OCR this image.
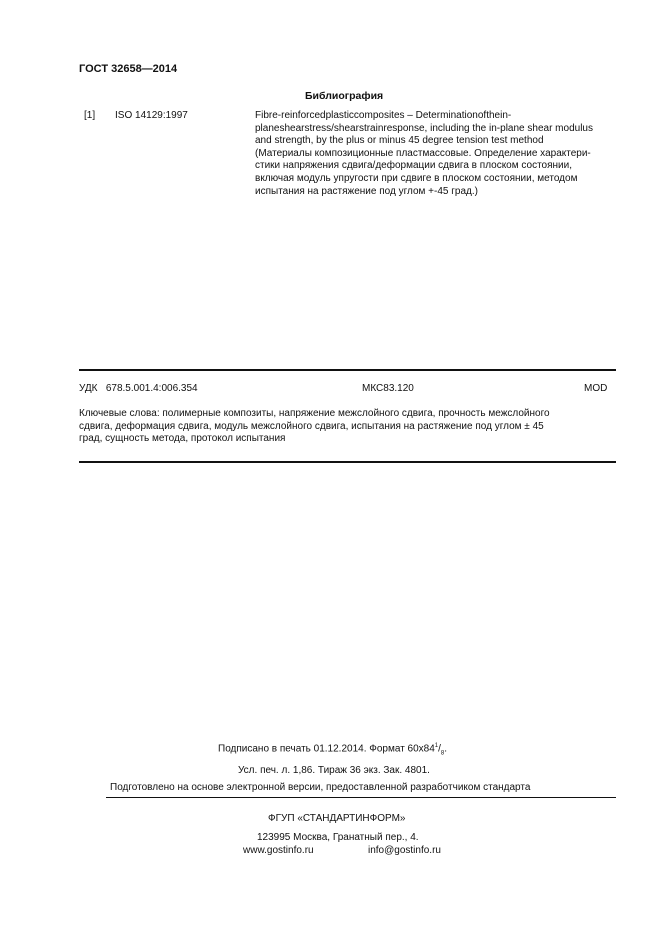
ГОСТ 32658—2014
Библиография
[1] ISO 14129:1997	Fibre-reinforcedplasticcomposites – Determinationofthein-
planeshearstress/shearstrainresponse, including the in-plane shear modulus
and strength, by the plus or minus 45 degree tension test method
(Материалы композиционные пластмассовые. Определение характери-
стики напряжения сдвига/деформации сдвига в плоском состоянии,
включая модуль упругости при сдвиге в плоском состоянии, методом
испытания на растяжение под углом +-45 град.)
УДК   678.5.001.4:006.354	МКС83.120	MOD
Ключевые слова: полимерные композиты, напряжение межслойного сдвига, прочность межслойного
сдвига, деформация сдвига, модуль межслойного сдвига, испытания на растяжение под углом ± 45
град, сущность метода, протокол испытания
Подписано в печать 01.12.2014. Формат $60x84^1/_8$.
Усл. печ. л. 1,86. Тираж 36 экз. Зак. 4801.
Подготовлено на основе электронной версии, предоставленной разработчиком стандарта
ФГУП «СТАНДАРТИНФОРМ»
123995 Москва, Гранатный пер., 4.
www.gostinfo.ru	info@gostinfo.ru
